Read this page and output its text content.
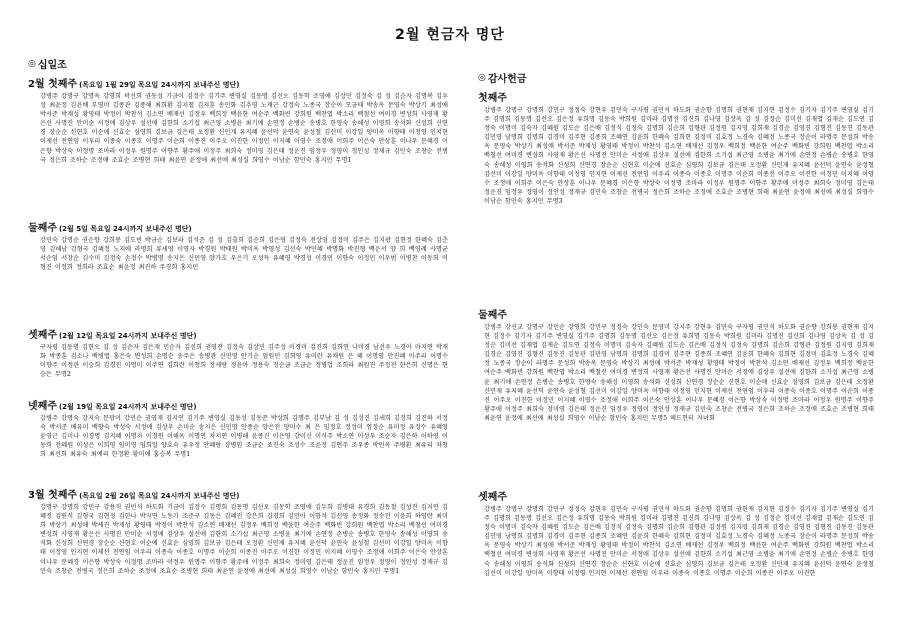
2월 현금자 명단
◎ 십일조
2월 첫째주 (목요일 1월 29일 목요일 24시까지 보내주신 명단)
강병주 강명구 강명옥 강영희 곽선희 권동성 기금이 김정수 김기주 변영실 김동명 김선오 김동학 조영애 김상민 김정숙 김 성 김순자 김명복 김우성 최윤정 김윤배 부영미 김종관 김종해 최희환 김지철 김지훈 송민화 김추영 노재근 강정숙 노종국 장순이 모금태 박송옥 문영숙 박상기 최성애 박서준 박재성 황영태 박정이 박찬석 김소연 배재선 김정우 백희정 백윤한 여순주 백화빈 강희원 백찬엽 박소리 백철선 여미경 변성희 사영재 황은선 사명진 안미순 서정애 김상우 설선애 김한희 소기섭 최근영 소병윤 최기애 손연정 손병순 송병호 한영숙 송해성 이영희 송석화 신성희 신연경 장순순 신현호 이순애 신효순 심영희 김보금 김은태 오정환 신민재 유지혜 윤선덕 윤연숙 윤성철 김선미 이강일 양미옥 이향태 이정영 인지현 이제선 전연임 이우리 이종숙 이종호 이명주 이순희 이종진 이주오 이진한 이정민 이지혜 이영수 조정애 이희주 이은숙 안상훈 이나우 문혜경 이은향 박상숙 이정명 조마라 이정우 원명주 이향주 황주애 이정주 최희숙 정미영 김은태 정운진 임정우 정영이 정인성 정재규 김민숙 조창순 전병국 정은희 조하순 조정애 조효순 조병현 희태 최윤연 윤정애 최선애 최성실 희영수 이남순 함민숙 홍지민 무명1
둘째주 (2월 5일 목요일 24시까지 보내주신 명단)
강민숙 강명순 권순향 강희봉 김도빈 박금순 김보라 김석준 김 성 김출희 김순희 김은영 김정숙 전상영 김정미 김주은 김지광 김현정 한혜숙 김춘영 김해남 김형국 김혜정 노지애 라명희 류세영 이영자 박경원 박태원 박미옥 박영성 김선숙 박민혜 박명화 박진형 백운서 양 희 백영례 사명균 서순임 서장순 김수미 김정숙 손정수 박병명 송지은 신민영 양가호 우은기 오성득 유혜영 박경성 이경민 이향숙 이정민 이우범 이병찬 이동희 이형진 이정희 정희라 조효순 최윤정 최진하 주경희 홍지민
셋째주 (2월 12일 목요일 24시까지 보내주신 명단)
구자평 김동명 김현오 김 성 김순자 김은재 민순자 김선희 권영진 김정숙 김상민 김주성 이경미 김진희 김희연 나미경 남선우 노경아 마지연 박재화 박종훈 김소나 백병엽 홍은숙 변성희 손명순 송주은 송병관 신민영 안기순 엄원민 김희영 유미란 유채원 은 혜 이명영 안진혜 이주리 이명수 이향주 이정관 이승희 김경진 이명미 이주연 김희란 이청희 장세랑 정윤아 정용숙 정순금 조금순 정병업 조희라 최원진 주정전 한은희 신명은 현승은 무명2
넷째주 (2월 19일 목요일 24시까지 보내주신 명단)
강병주 강명숙 강지숙 문광미 강민순 권영재 김지연 김기주 변영실 김동성 김동준 박상희 김명주 김부남 김 성 김성진 김세희 김정희 김진하 서정숙 박서준 배유미 백향숙 박성숙 서정애 김상우 손미순 송지은 신민영 안종순 양은진 양미수 최 은 임정호 정성미 엄정순 유미정 유정수 유혜영 윤영근 김미나 이경명 김지혜 이명자 이정원 이해옥 이명연 차지연 이병해 윤종진 이은영 강미신 이석주 박소연 이성우 조순자 김은하 이하영 이동희 전혜원 이성은 이희영 임미영 임희일 양효숙 유우정 안혜랑 장병임 조금순 조진숙 조성수 조윤정 김연주 조우종 박인옥 주병환 최유리 차청희 최선희 최유숙 최예리 한정환 황미애 홍승복 무명1
3월 첫째주 (목요일 2월 26일 목요일 24시까지 보내주신 명단)
강명구 강명희 강민구 강용직 권민석 하도화 기금이 김정수 김명희 김동명 김선오 김동학 조영애 김두희 김병대 유경희 김동철 김성진 김지연 김혜정 김원식 김형국 김현정 김한나 박지연 노동기 조준구 김동은 김혜진 강은희 김경희 김민아 이항석 김선영 송정화 정수진 이윤희 하영란 최미희 박상기 최성애 박세진 박재성 황영태 박정이 박찬석 김소연 배재선 김정우 백희정 백윤한 여순주 백화빈 강희원 백찬엽 박소리 백철선 여미경 변성희 사영재 황은선 사명진 안미순 서정애 김상우 설선애 김한희 소기섭 최근영 소병윤 최기애 손연정 손병순 송병호 한영숙 송해성 이영희 송석화 신성희 신연경 장순순 신현호 이순애 신효순 심영희 김보금 김은태 오정환 신민재 유지혜 윤선덕 윤연숙 윤성철 김선미 이강일 양미옥 이향태 이정영 인지현 이제선 전연임 이우리 이종숙 이종호 이명주 이순희 이종진 이주오 이진한 이정민 이지혜 이영수 조정애 이희주 이은숙 안상훈 이나우 문혜경 이은향 박상숙 이정명 조마라 이정우 원명주 이향주 황주애 이정주 최희숙 정미영 김은태 정운진 임정우 정영이 정인성 정재규 김민숙 조창순 전병국 정은희 조하순 조정애 조효순 조병현 희태 최윤연 윤정애 최선애 최성실 희영수 이남순 함민숙 홍지민 무명1
◎ 감사헌금
첫째주
강병주 강명구 강명희 강민구 정정숙 강현우 김민숙 구자평 권민석 하도화 권순향 김명희 권현재 김지현 김정수 김기자 김기주 변영실 김기주 김명희 김동명 김선오 김은정 유희명 김동숙 박희원 김미라 김명진 김신희 김나영 김상옥 김 성 김정순 김미선 김재엽 김재순 김도연 김정숙 이명미 김숙자 김혜원 김도순 김은배 김정식 김정숙 김명희 김순희 김형관 김정원 김지영 김희재 김경순 김영진 김형진 김동진 김동관 김민영 남명희 김명희 김경미 김주현 김종희 조혜연 김윤희 한혜숙 김희현 김정미 김효정 노경숙 김혜정 노종국 장순이 라명주 문성희 박송옥 문영숙 박상기 최성애 박서준 박재성 황영태 박정이 박찬석 김소연 배재선 김정우 백희정 백윤한 여순주 백화빈 강희원 백찬엽 박소리 백철선 여미경 변성희 사영재 황은선 사명진 안미순 서정애 김상우 설선애 김한희 소기섭 최근영 소병윤 최기애 손연정 손병순 송병호 한영숙 송해성 이영희 송석화 신성희 신연경 장순순 신현호 이순애 신효순 심영희 김보금 김은태 오정환 신민재 유지혜 윤선덕 윤연숙 윤성철 김선미 이강일 양미옥 이향태 이정영 인지현 이제선 전연임 이우리 이종숙 이종호 이명주 이순희 이종진 이주오 이진한 이정민 이지혜 이영수 조정애 이희주 이은숙 안상훈 이나우 문혜경 이은향 박상숙 이정명 조마라 이정우 원명주 이향주 황주애 이정주 최희숙 정미영 김은태 정운진 임정우 정영이 정인성 정재규 김민숙 조창순 전병국 정은희 조하순 조정애 조효순 조병현 희태 최윤연 윤정애 최선애 최성실 희영수 이남순 함민숙 홍지민 무명3
둘째주
강병주 강선교 강명구 강민순 강영희 강민구 정정숙 강인숙 문영미 강지주 강현우 김민숙 구자평 권민석 하도화 권순향 강희봉 권현재 김지현 김정수 김기자 김기주 변영실 김기주 김명희 김동명 김선오 김은정 유희명 김동숙 박희원 김미라 김명진 김신희 김나영 김상옥 김 성 김정순 김미선 김재엽 김재순 김도연 김정숙 이명미 김숙자 김혜원 김도순 김은배 김정식 김정숙 김명희 김순희 김형관 김정원 김지영 김희재 김경순 김영진 김형진 김동진 김동관 김민영 남명희 김명희 김경미 김주현 김종희 조혜연 김윤희 한혜숙 김희현 김정미 김효정 노경숙 김혜정 노종국 장순이 라명주 문성희 박송옥 문영숙 박상기 최성애 박서준 박재성 황영태 박정이 박찬석 김소연 배재선 김정우 백희정 백윤한 여순주 백화빈 강희원 백찬엽 박소리 백철선 여미경 변성희 사영재 황은선 사명진 안미순 서정애 김상우 설선애 김한희 소기섭 최근영 소병윤 최기애 손연정 손병순 송병호 한영숙 송해성 이영희 송석화 신성희 신연경 장순순 신현호 이순애 신효순 심영희 김보금 김은태 오정환 신민재 유지혜 윤선덕 윤연숙 윤성철 김선미 이강일 양미옥 이향태 이정영 인지현 이제선 전연임 이우리 이종숙 이종호 이명주 이순희 이종진 이주오 이진한 이정민 이지혜 이영수 조정애 이희주 이은숙 안상훈 이나우 문혜경 이은향 박상숙 이정명 조마라 이정우 원명주 이향주 황주애 이정주 최희숙 정미영 김은태 정운진 임정우 정영이 정인성 정재규 김민숙 조창순 전병국 정은희 조하순 조정애 조효순 조병현 희태 최윤연 윤정애 최선애 최성실 희영수 이남순 함민숙 홍지민 무명5 헤드헌터 자녀회
셋째주
강병주 강명구 강명희 강민구 정정숙 강현우 김민숙 구자평 권민석 하도화 권순향 김명희 권현재 김지현 김정수 김기자 김기주 변영실 김기주 김명희 김동명 김선오 김은정 유희명 김동숙 박희원 김미라 김명진 김신희 김나영 김상옥 김 성 김정순 김미선 김재엽 김재순 김도연 김정숙 이명미 김숙자 김혜원 김도순 김은배 김정식 김정숙 김명희 김순희 김형관 김정원 김지영 김희재 김경순 김영진 김형진 김동진 김동관 김민영 남명희 김명희 김경미 김주현 김종희 조혜연 김윤희 한혜숙 김희현 김정미 김효정 노경숙 김혜정 노종국 장순이 라명주 문성희 박송옥 문영숙 박상기 최성애 박서준 박재성 황영태 박정이 박찬석 김소연 배재선 김정우 백희정 백윤한 여순주 백화빈 강희원 백찬엽 박소리 백철선 여미경 변성희 사영재 황은선 사명진 안미순 서정애 김상우 설선애 김한희 소기섭 최근영 소병윤 최기애 손연정 손병순 송병호 한영숙 송해성 이영희 송석화 신성희 신연경 장순순 신현호 이순애 신효순 심영희 김보금 김은태 오정환 신민재 유지혜 윤선덕 윤연숙 윤성철 김선미 이강일 양미옥 이향태 이정영 인지현 이제선 전연임 이우리 이종숙 이종호 이명주 이순희 이종진 이주오 이진한
